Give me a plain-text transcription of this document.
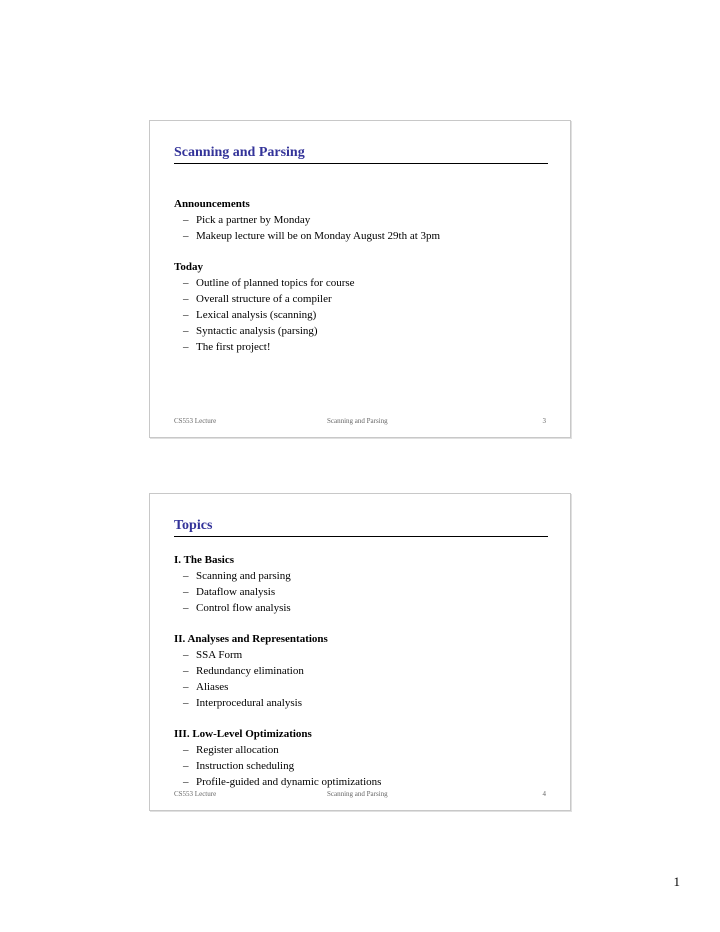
Scanning and Parsing
Announcements
– Pick a partner by Monday
– Makeup lecture will be on Monday August 29th at 3pm
Today
– Outline of planned topics for course
– Overall structure of a compiler
– Lexical analysis (scanning)
– Syntactic analysis (parsing)
– The first project!
CS553 Lecture	Scanning and Parsing	3
Topics
I. The Basics
– Scanning and parsing
– Dataflow analysis
– Control flow analysis
II. Analyses and Representations
– SSA Form
– Redundancy elimination
– Aliases
– Interprocedural analysis
III. Low-Level Optimizations
– Register allocation
– Instruction scheduling
– Profile-guided and dynamic optimizations
CS553 Lecture	Scanning and Parsing	4
1
